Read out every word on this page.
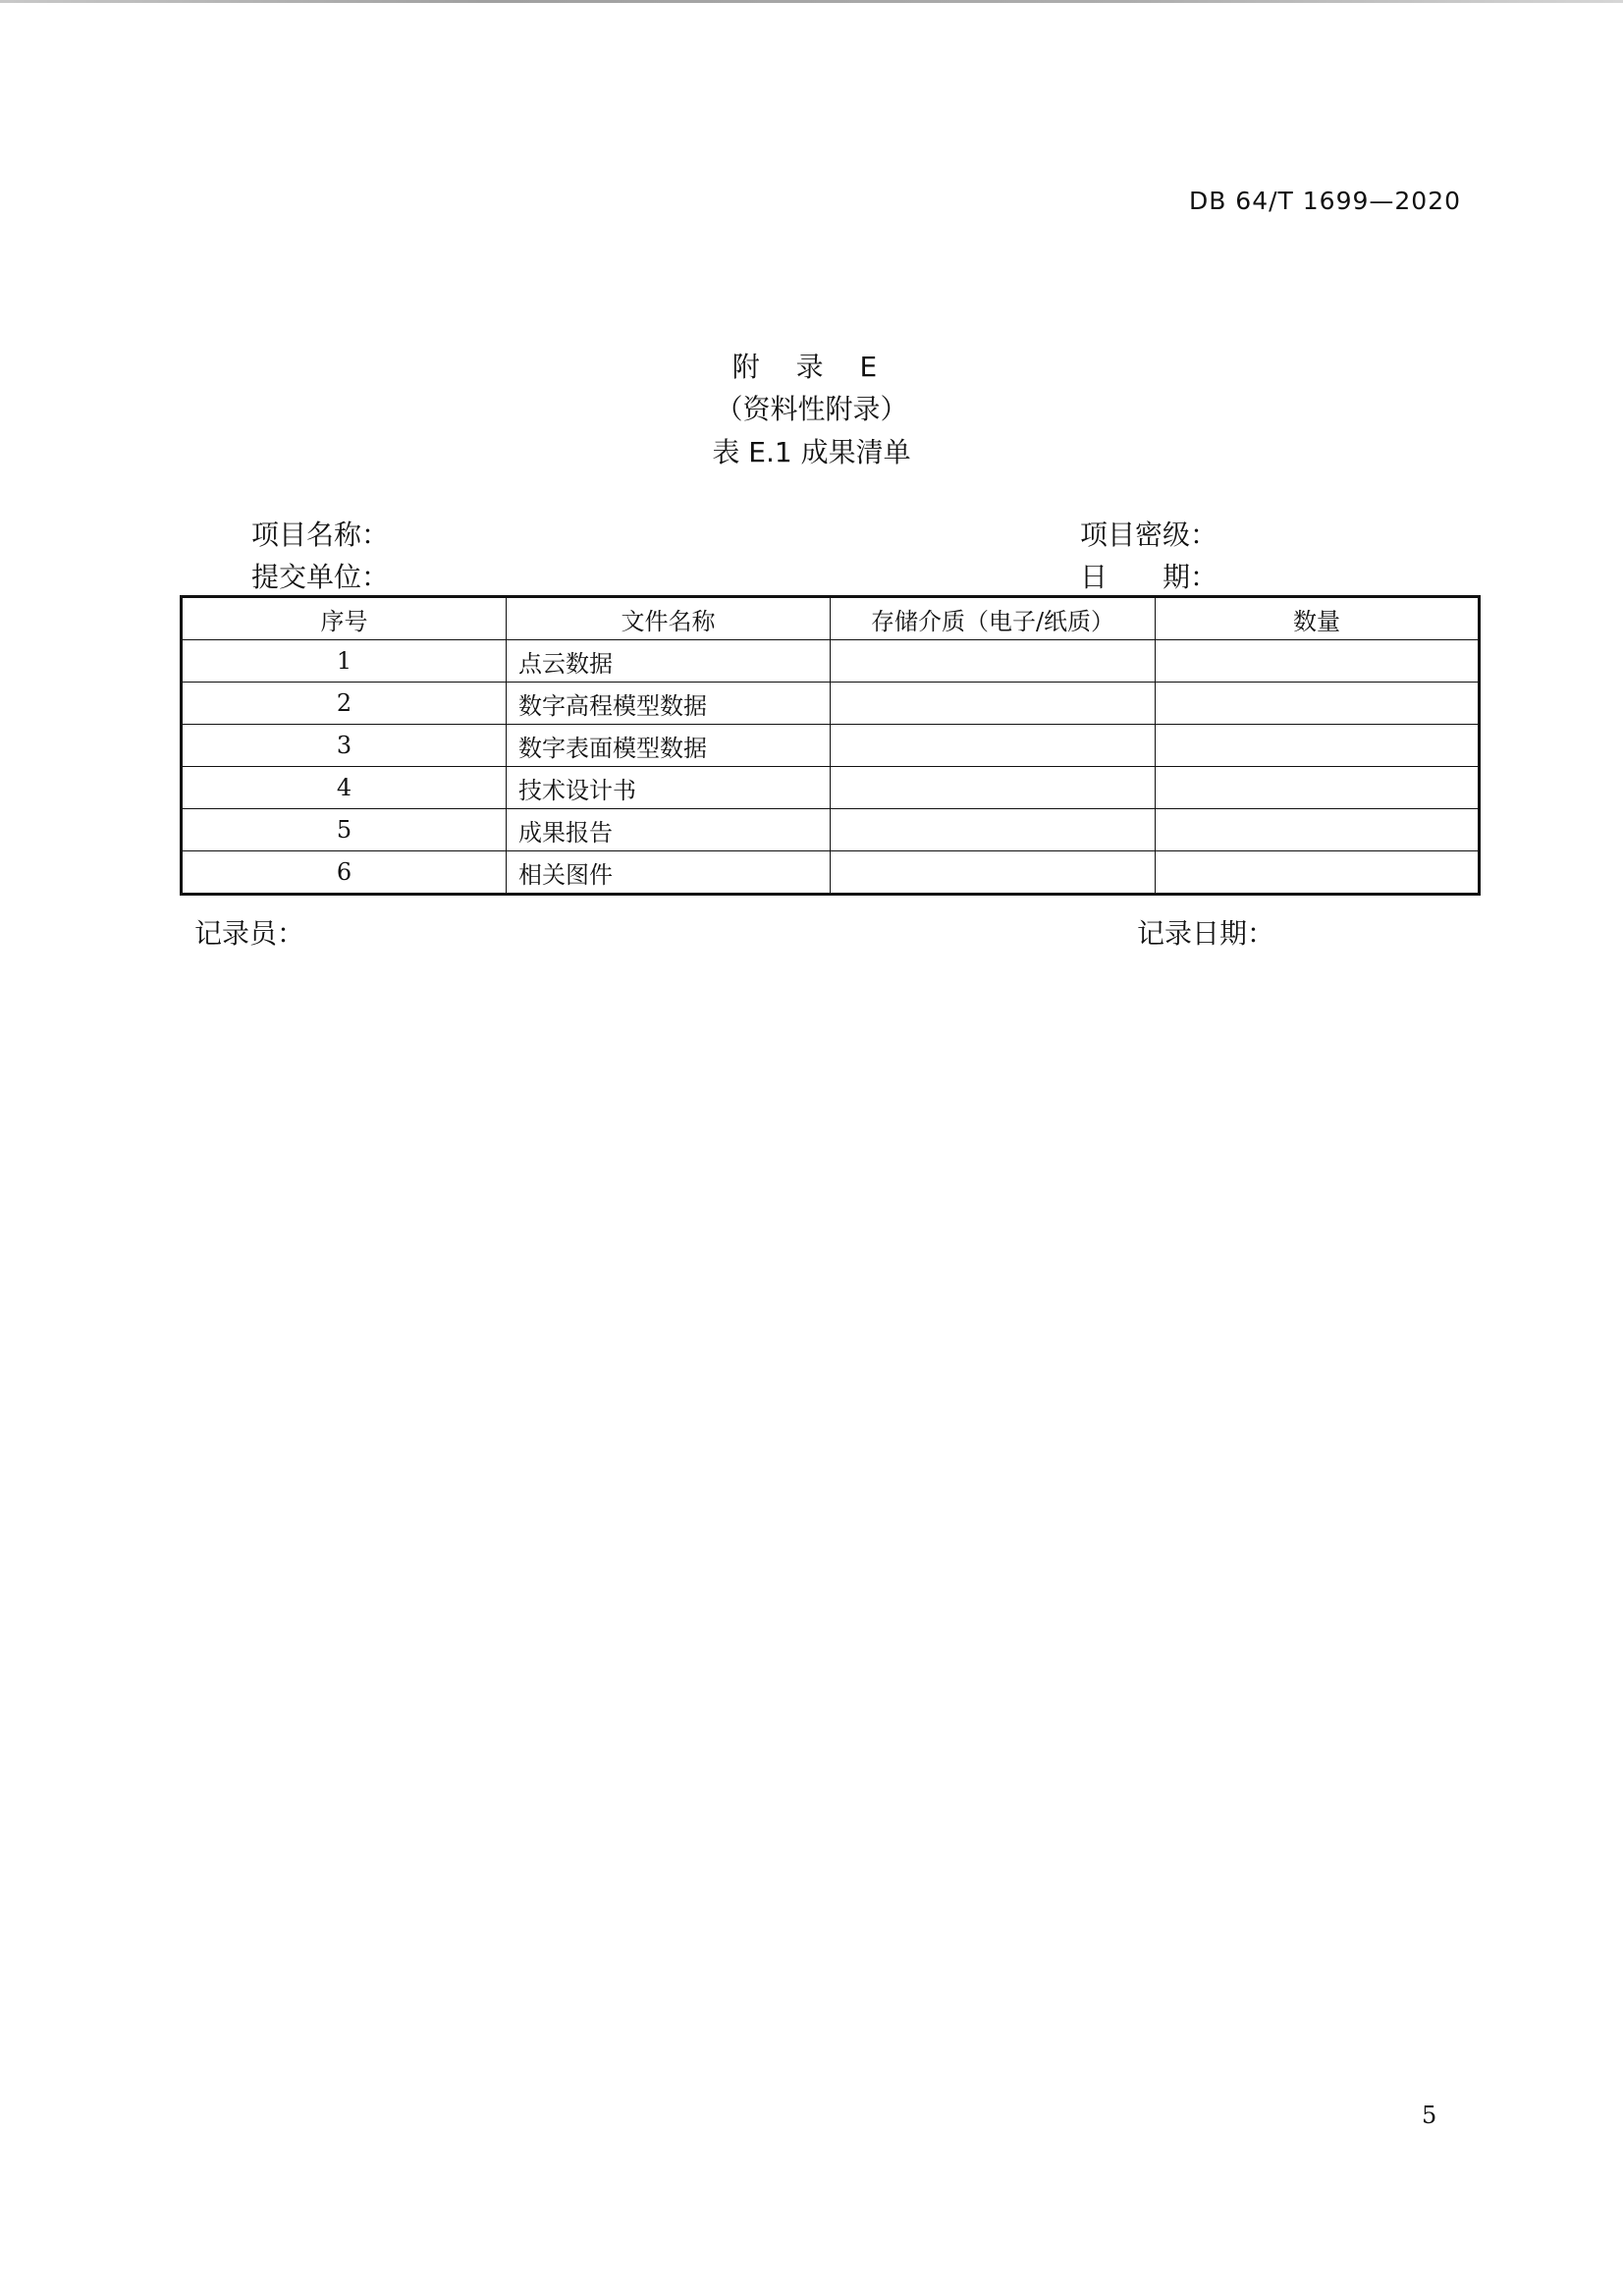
DB 64/T 1699—2020
附 录 E
（资料性附录）
表 E.1 成果清单
项目名称：	项目密级：
提交单位：	日 期：
序号	文件名称	存储介质（电子/纸质）	数量
1	点云数据		
2	数字高程模型数据		
3	数字表面模型数据		
4	技术设计书		
5	成果报告		
6	相关图件		
记录员：	记录日期：
5
